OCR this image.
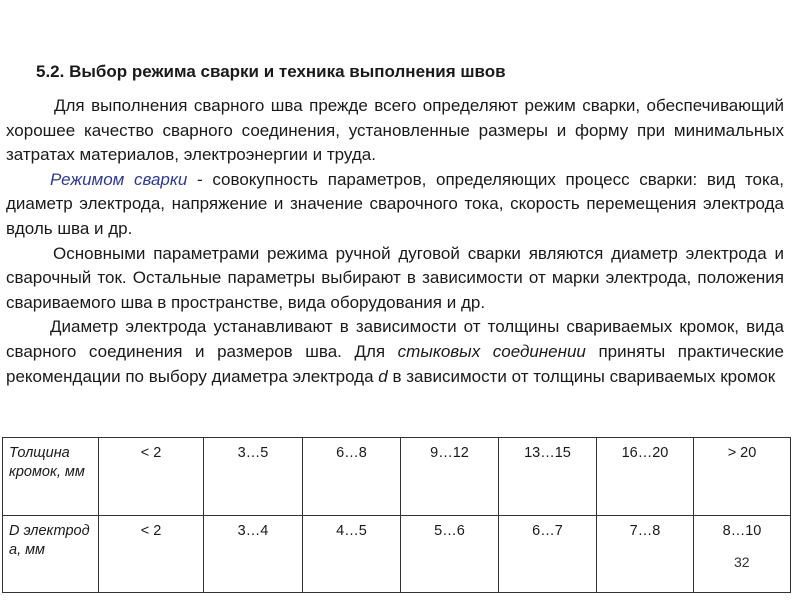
5.2. Выбор режима сварки и техника выполнения швов

Для выполнения сварного шва прежде всего определяют режим сварки, обеспечивающий хорошее качество сварного соединения, установленные размеры и форму при минимальных затратах материалов, электроэнергии и труда.

Режимом сварки - совокупность параметров, определяющих процесс сварки: вид тока, диаметр электрода, напряжение и значение сварочного тока, скорость перемещения электрода вдоль шва и др.

Основными параметрами режима ручной дуговой сварки являются диаметр электрода и сварочный ток. Остальные параметры выбирают в зависимости от марки электрода, положения свариваемого шва в пространстве, вида оборудования и др.

Диаметр электрода устанавливают в зависимости от толщины свариваемых кромок, вида сварного соединения и размеров шва. Для стыковых соединении приняты практические рекомендации по выбору диаметра электрода d в зависимости от толщины свариваемых кромок

Толщина кромок, мм	< 2	3…5	6…8	9…12	13…15	16…20	> 20
D электрод а, мм	< 2	3…4	4…5	5…6	6…7	7…8	8…10
32
